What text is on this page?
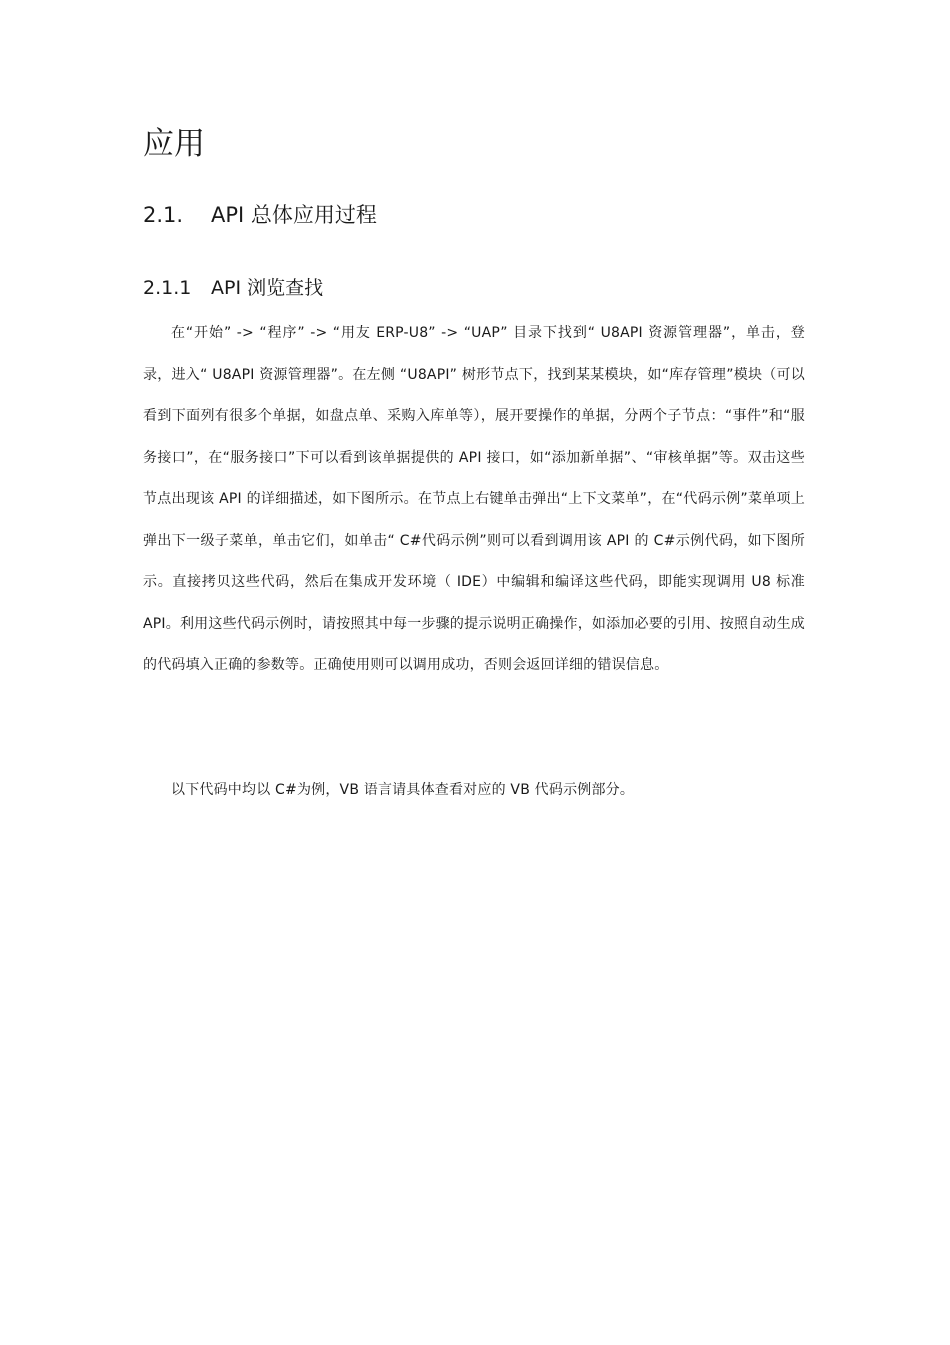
应用
2.1. API 总体应用过程
2.1.1 API 浏览查找

在“开始” -> “程序” -> “用友 ERP-U8” -> “UAP” 目录下找到“ U8API 资源管理器”，单击，登录，进入“ U8API 资源管理器”。在左侧 “U8API” 树形节点下，找到某某模块，如“库存管理”模块（可以看到下面列有很多个单据，如盘点单、采购入库单等），展开要操作的单据，分两个子节点：“事件”和“服务接口”，在“服务接口”下可以看到该单据提供的 API 接口，如“添加新单据”、“审核单据”等。双击这些节点出现该 API 的详细描述，如下图所示。在节点上右键单击弹出“上下文菜单”，在“代码示例”菜单项上弹出下一级子菜单，单击它们，如单击“ C#代码示例”则可以看到调用该 API 的 C#示例代码，如下图所示。直接拷贝这些代码，然后在集成开发环境（ IDE）中编辑和编译这些代码，即能实现调用 U8 标准 API。利用这些代码示例时，请按照其中每一步骤的提示说明正确操作，如添加必要的引用、按照自动生成的代码填入正确的参数等。正确使用则可以调用成功，否则会返回详细的错误信息。

以下代码中均以 C#为例，VB 语言请具体查看对应的 VB 代码示例部分。
